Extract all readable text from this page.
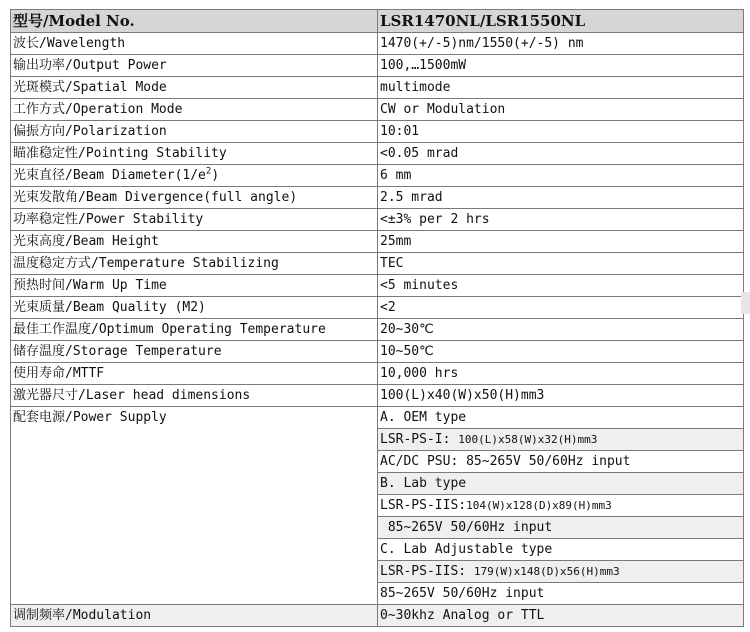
型号/Model No.	LSR1470NL/LSR1550NL
波长/Wavelength	1470(+/-5)nm/1550(+/-5) nm
输出功率/Output Power	100,…1500mW
光斑模式/Spatial Mode	multimode
工作方式/Operation Mode	CW or Modulation
偏振方向/Polarization	10:01
瞄准稳定性/Pointing Stability	<0.05 mrad
光束直径/Beam $Diameter(1/e^2)$	6 mm
光束发散角/Beam Divergence(full angle)	2.5 mrad
功率稳定性/Power Stability	<±3% per 2 hrs
光束高度/Beam Height	25mm
温度稳定方式/Temperature Stabilizing	TEC
预热时间/Warm Up Time	<5 minutes
光束质量/Beam Quality (M2)	<2
最佳工作温度/Optimum Operating Temperature	20~30℃
储存温度/Storage Temperature	10~50℃
使用寿命/MTTF	10,000 hrs
激光器尺寸/Laser head dimensions	100(L)x40(W)x50(H)mm3
配套电源/Power Supply	A. OEM type
	LSR-PS-I: 100(L)x58(W)x32(H)mm3
	AC/DC PSU: 85~265V 50/60Hz input
	B. Lab type
	LSR-PS-IIS:104(W)x128(D)x89(H)mm3
	85~265V 50/60Hz input
	C. Lab Adjustable type
	LSR-PS-IIS: 179(W)x148(D)x56(H)mm3
	85~265V 50/60Hz input
调制频率/Modulation	0~30khz Analog or TTL
